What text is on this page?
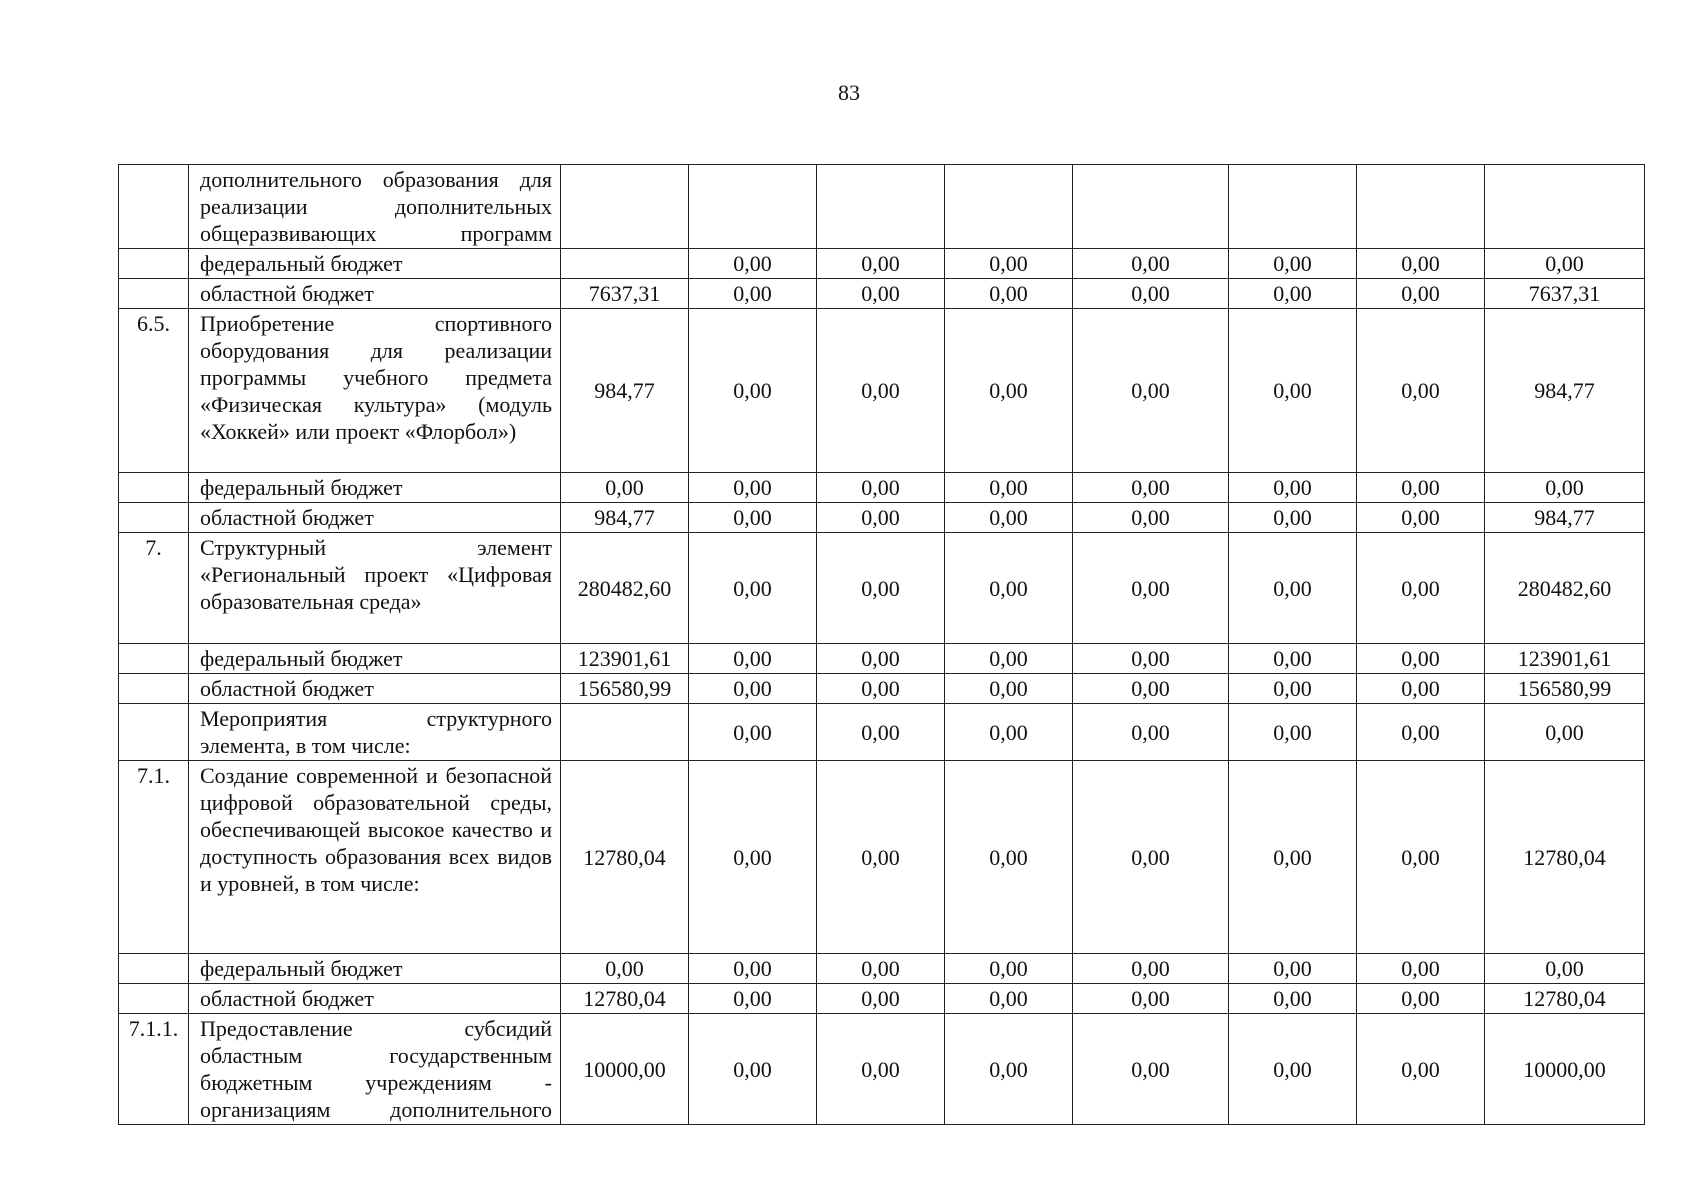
83
	дополнительного образования для реализации дополнительных общеразвивающих программ								
	федеральный бюджет		0,00	0,00	0,00	0,00	0,00	0,00	0,00
	областной бюджет	7637,31	0,00	0,00	0,00	0,00	0,00	0,00	7637,31
6.5.	Приобретение спортивного оборудования для реализации программы учебного предмета «Физическая культура» (модуль «Хоккей» или проект «Флорбол»)	984,77	0,00	0,00	0,00	0,00	0,00	0,00	984,77
	федеральный бюджет	0,00	0,00	0,00	0,00	0,00	0,00	0,00	0,00
	областной бюджет	984,77	0,00	0,00	0,00	0,00	0,00	0,00	984,77
7.	Структурный элемент «Региональный проект «Цифровая образовательная среда»	280482,60	0,00	0,00	0,00	0,00	0,00	0,00	280482,60
	федеральный бюджет	123901,61	0,00	0,00	0,00	0,00	0,00	0,00	123901,61
	областной бюджет	156580,99	0,00	0,00	0,00	0,00	0,00	0,00	156580,99
	Мероприятия структурного элемента, в том числе:		0,00	0,00	0,00	0,00	0,00	0,00	0,00
7.1.	Создание современной и безопасной цифровой образовательной среды, обеспечивающей высокое качество и доступность образования всех видов и уровней, в том числе:	12780,04	0,00	0,00	0,00	0,00	0,00	0,00	12780,04
	федеральный бюджет	0,00	0,00	0,00	0,00	0,00	0,00	0,00	0,00
	областной бюджет	12780,04	0,00	0,00	0,00	0,00	0,00	0,00	12780,04
7.1.1.	Предоставление субсидий областным государственным бюджетным учреждениям - организациям дополнительного	10000,00	0,00	0,00	0,00	0,00	0,00	0,00	10000,00
